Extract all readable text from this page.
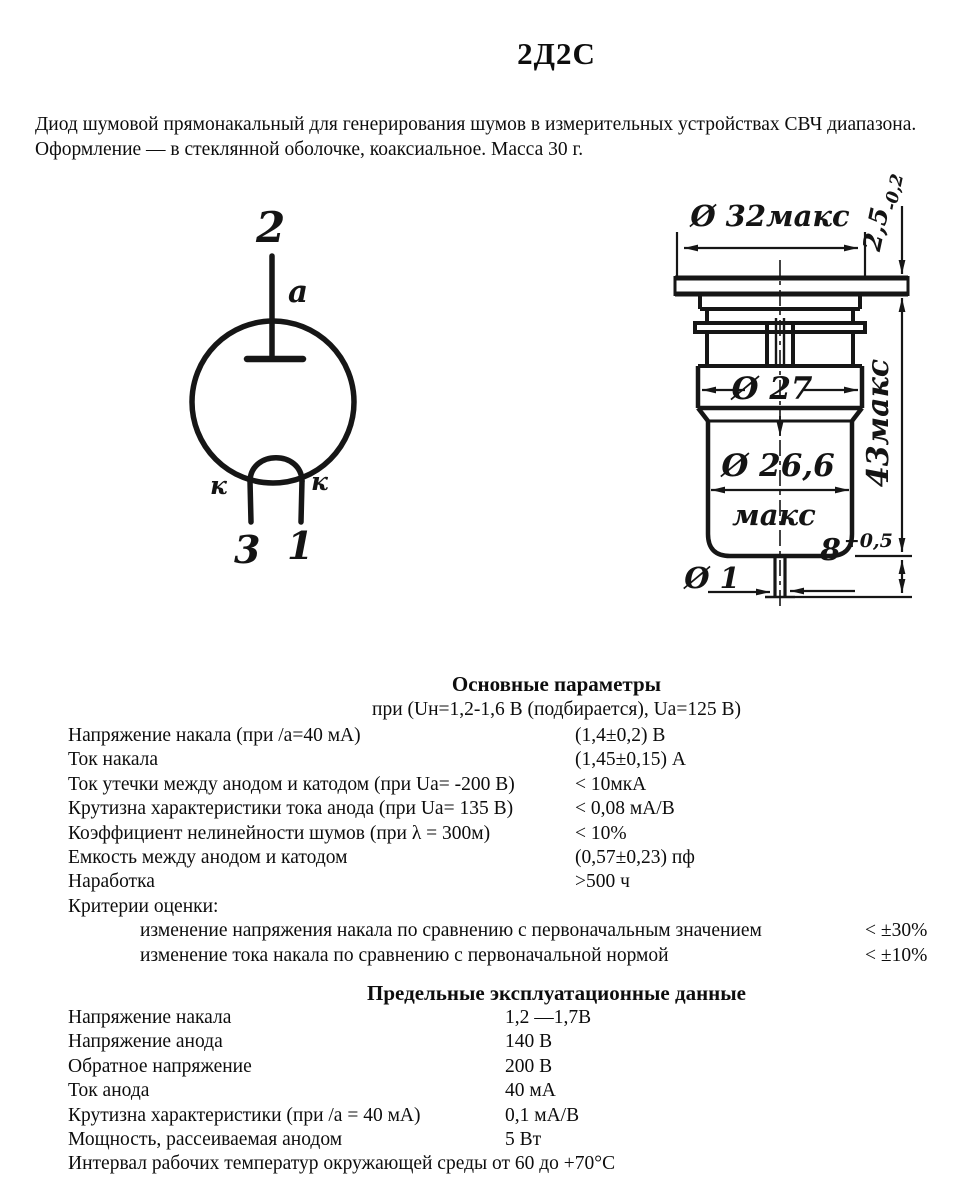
2Д2С
Диод шумовой прямонакальный для генерирования шумов в измерительных устройствах СВЧ диапазона. Оформление — в стеклянной оболочке, коаксиальное. Масса 30 г.
2
a
к	к
3 1
Ø 32макс $2,5_{-0,2}$
43макс
Ø 27
Ø 26,6
макс
Ø 1
8 $^{+0,5}$
Основные параметры
при (Uн=1,2-1,6 В (подбирается), Uа=125 В)
Напряжение накала (при /а=40 мА)	(1,4±0,2) В
Ток накала	(1,45±0,15) А
Ток утечки между анодом и катодом (при Uа= -200 В)	< 10мкА
Крутизна характеристики тока анода (при Uа= 135 В)	< 0,08 мА/В
Коэффициент нелинейности шумов (при λ = 300м)	< 10%
Емкость между анодом и катодом	(0,57±0,23) пф
Наработка	>500 ч
Критерии оценки:
изменение напряжения накала по сравнению с первоначальным значением	< ±30%
изменение тока накала по сравнению с первоначальной нормой	< ±10%
Предельные эксплуатационные данные
Напряжение накала	1,2 —1,7В
Напряжение анода	140 В
Обратное напряжение	200 В
Ток анода	40 мА
Крутизна характеристики (при /а = 40 мА)	0,1 мА/В
Мощность, рассеиваемая анодом	5 Вт
Интервал рабочих температур окружающей среды от 60 до +70°С
